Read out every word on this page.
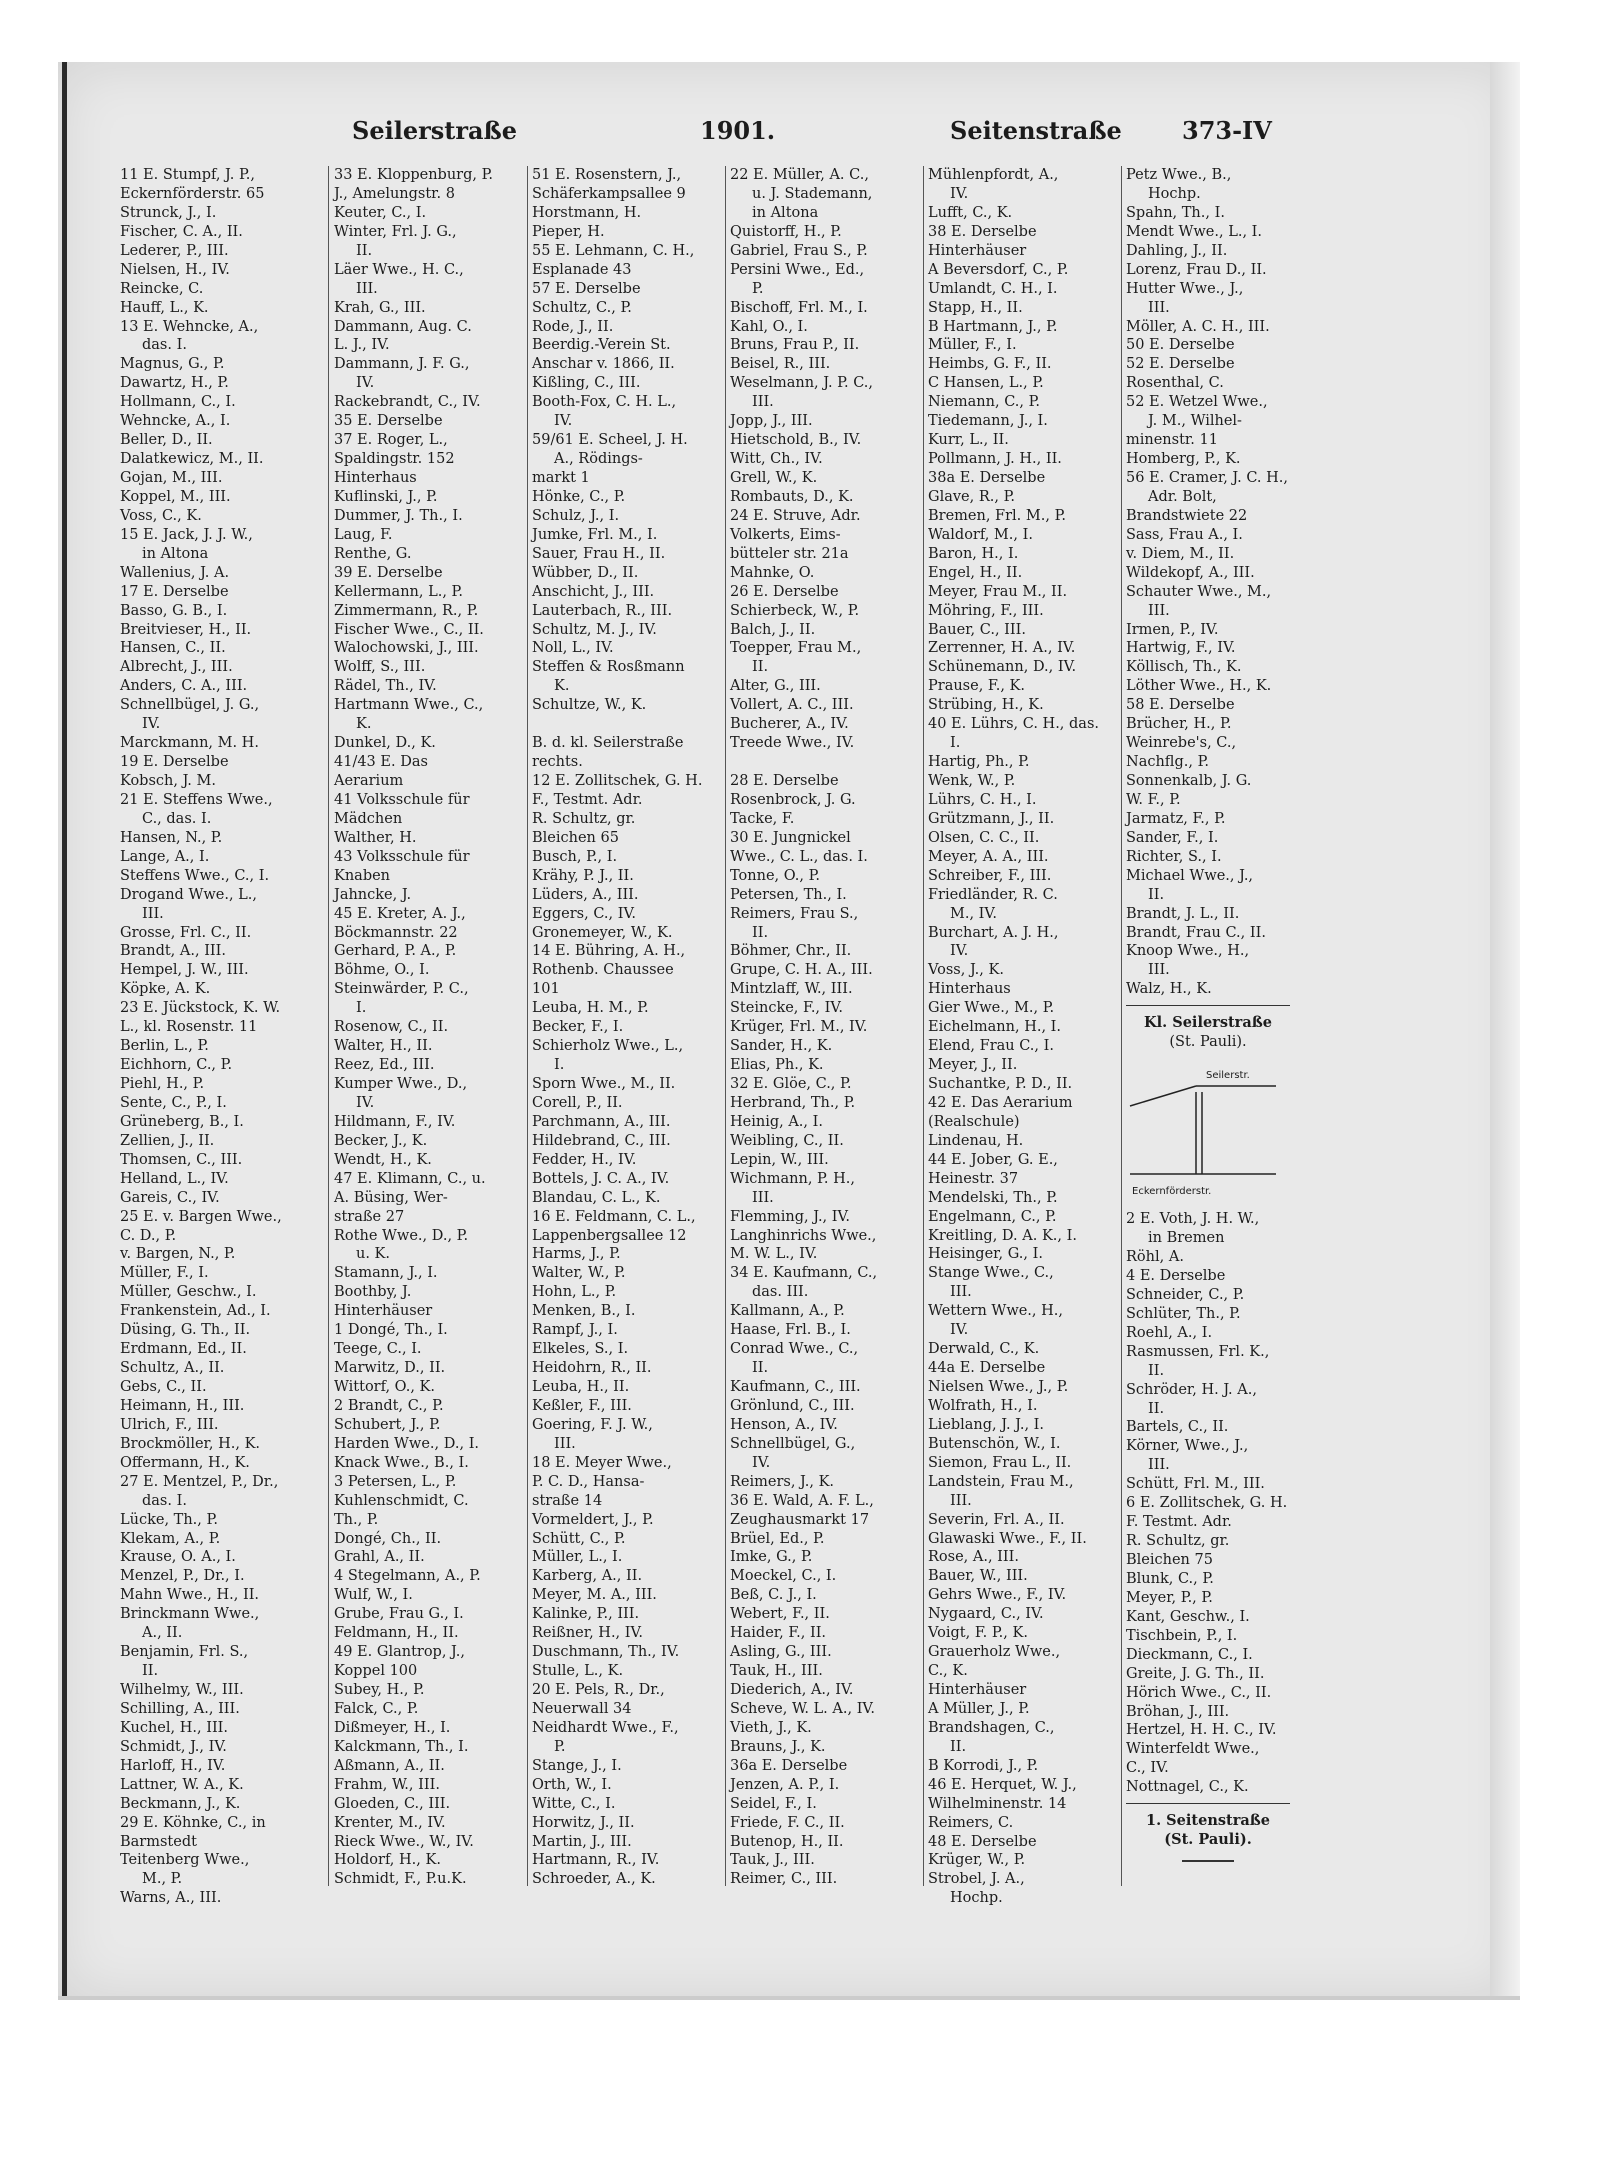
Seilerstraße	1901.	Seitenstraße	373-IV
11 E. Stumpf, J. P.,
Eckernförderstr. 65
Strunck, J., I.
Fischer, C. A., II.
Lederer, P., III.
Nielsen, H., IV.
Reincke, C.
Hauff, L., K.
13 E. Wehncke, A.,
das. I.
Magnus, G., P.
Dawartz, H., P.
Hollmann, C., I.
Wehncke, A., I.
Beller, D., II.
Dalatkewicz, M., II.
Gojan, M., III.
Koppel, M., III.
Voss, C., K.
15 E. Jack, J. J. W.,
in Altona
Wallenius, J. A.
17 E. Derselbe
Basso, G. B., I.
Breitvieser, H., II.
Hansen, C., II.
Albrecht, J., III.
Anders, C. A., III.
Schnellbügel, J. G.,
IV.
Marckmann, M. H.
19 E. Derselbe
Kobsch, J. M.
21 E. Steffens Wwe.,
C., das. I.
Hansen, N., P.
Lange, A., I.
Steffens Wwe., C., I.
Drogand Wwe., L.,
III.
Grosse, Frl. C., II.
Brandt, A., III.
Hempel, J. W., III.
Köpke, A. K.
23 E. Jückstock, K. W.
L., kl. Rosenstr. 11
Berlin, L., P.
Eichhorn, C., P.
Piehl, H., P.
Sente, C., P., I.
Grüneberg, B., I.
Zellien, J., II.
Thomsen, C., III.
Helland, L., IV.
Gareis, C., IV.
25 E. v. Bargen Wwe.,
C. D., P.
v. Bargen, N., P.
Müller, F., I.
Müller, Geschw., I.
Frankenstein, Ad., I.
Düsing, G. Th., II.
Erdmann, Ed., II.
Schultz, A., II.
Gebs, C., II.
Heimann, H., III.
Ulrich, F., III.
Brockmöller, H., K.
Offermann, H., K.
27 E. Mentzel, P., Dr.,
das. I.
Lücke, Th., P.
Klekam, A., P.
Krause, O. A., I.
Menzel, P., Dr., I.
Mahn Wwe., H., II.
Brinckmann Wwe.,
A., II.
Benjamin, Frl. S.,
II.
Wilhelmy, W., III.
Schilling, A., III.
Kuchel, H., III.
Schmidt, J., IV.
Harloff, H., IV.
Lattner, W. A., K.
Beckmann, J., K.
29 E. Köhnke, C., in
Barmstedt
Teitenberg Wwe.,
M., P.
Warns, A., III.
33 E. Kloppenburg, P.
J., Amelungstr. 8
Keuter, C., I.
Winter, Frl. J. G.,
II.
Läer Wwe., H. C.,
III.
Krah, G., III.
Dammann, Aug. C.
L. J., IV.
Dammann, J. F. G.,
IV.
Rackebrandt, C., IV.
35 E. Derselbe
37 E. Roger, L.,
Spaldingstr. 152
Hinterhaus
Kuflinski, J., P.
Dummer, J. Th., I.
Laug, F.
Renthe, G.
39 E. Derselbe
Kellermann, L., P.
Zimmermann, R., P.
Fischer Wwe., C., II.
Walochowski, J., III.
Wolff, S., III.
Rädel, Th., IV.
Hartmann Wwe., C.,
K.
Dunkel, D., K.
41/43 E. Das
Aerarium
41 Volksschule für
Mädchen
Walther, H.
43 Volksschule für
Knaben
Jahncke, J.
45 E. Kreter, A. J.,
Böckmannstr. 22
Gerhard, P. A., P.
Böhme, O., I.
Steinwärder, P. C.,
I.
Rosenow, C., II.
Walter, H., II.
Reez, Ed., III.
Kumper Wwe., D.,
IV.
Hildmann, F., IV.
Becker, J., K.
Wendt, H., K.
47 E. Klimann, C., u.
A. Büsing, Wer-
straße 27
Rothe Wwe., D., P.
u. K.
Stamann, J., I.
Boothby, J.
Hinterhäuser
1 Dongé, Th., I.
Teege, C., I.
Marwitz, D., II.
Wittorf, O., K.
2 Brandt, C., P.
Schubert, J., P.
Harden Wwe., D., I.
Knack Wwe., B., I.
3 Petersen, L., P.
Kuhlenschmidt, C.
Th., P.
Dongé, Ch., II.
Grahl, A., II.
4 Stegelmann, A., P.
Wulf, W., I.
Grube, Frau G., I.
Feldmann, H., II.
49 E. Glantrop, J.,
Koppel 100
Subey, H., P.
Falck, C., P.
Dißmeyer, H., I.
Kalckmann, Th., I.
Aßmann, A., II.
Frahm, W., III.
Gloeden, C., III.
Krenter, M., IV.
Rieck Wwe., W., IV.
Holdorf, H., K.
Schmidt, F., P.u.K.
51 E. Rosenstern, J.,
Schäferkampsallee 9
Horstmann, H.
Pieper, H.
55 E. Lehmann, C. H.,
Esplanade 43
57 E. Derselbe
Schultz, C., P.
Rode, J., II.
Beerdig.-Verein St.
Anschar v. 1866, II.
Kißling, C., III.
Booth-Fox, C. H. L.,
IV.
59/61 E. Scheel, J. H.
A., Rödings-
markt 1
Hönke, C., P.
Schulz, J., I.
Jumke, Frl. M., I.
Sauer, Frau H., II.
Wübber, D., II.
Anschicht, J., III.
Lauterbach, R., III.
Schultz, M. J., IV.
Noll, L., IV.
Steffen & Rosßmann
K.
Schultze, W., K.
B. d. kl. Seilerstraße
rechts.
12 E. Zollitschek, G. H.
F., Testmt. Adr.
R. Schultz, gr.
Bleichen 65
Busch, P., I.
Krähy, P. J., II.
Lüders, A., III.
Eggers, C., IV.
Gronemeyer, W., K.
14 E. Bühring, A. H.,
Rothenb. Chaussee
101
Leuba, H. M., P.
Becker, F., I.
Schierholz Wwe., L.,
I.
Sporn Wwe., M., II.
Corell, P., II.
Parchmann, A., III.
Hildebrand, C., III.
Fedder, H., IV.
Bottels, J. C. A., IV.
Blandau, C. L., K.
16 E. Feldmann, C. L.,
Lappenbergsallee 12
Harms, J., P.
Walter, W., P.
Hohn, L., P.
Menken, B., I.
Rampf, J., I.
Elkeles, S., I.
Heidohrn, R., II.
Leuba, H., II.
Keßler, F., III.
Goering, F. J. W.,
III.
18 E. Meyer Wwe.,
P. C. D., Hansa-
straße 14
Vormeldert, J., P.
Schütt, C., P.
Müller, L., I.
Karberg, A., II.
Meyer, M. A., III.
Kalinke, P., III.
Reißner, H., IV.
Duschmann, Th., IV.
Stulle, L., K.
20 E. Pels, R., Dr.,
Neuerwall 34
Neidhardt Wwe., F.,
P.
Stange, J., I.
Orth, W., I.
Witte, C., I.
Horwitz, J., II.
Martin, J., III.
Hartmann, R., IV.
Schroeder, A., K.
22 E. Müller, A. C.,
u. J. Stademann,
in Altona
Quistorff, H., P.
Gabriel, Frau S., P.
Persini Wwe., Ed.,
P.
Bischoff, Frl. M., I.
Kahl, O., I.
Bruns, Frau P., II.
Beisel, R., III.
Weselmann, J. P. C.,
III.
Jopp, J., III.
Hietschold, B., IV.
Witt, Ch., IV.
Grell, W., K.
Rombauts, D., K.
24 E. Struve, Adr.
Volkerts, Eims-
bütteler str. 21a
Mahnke, O.
26 E. Derselbe
Schierbeck, W., P.
Balch, J., II.
Toepper, Frau M.,
II.
Alter, G., III.
Vollert, A. C., III.
Bucherer, A., IV.
Treede Wwe., IV.
28 E. Derselbe
Rosenbrock, J. G.
Tacke, F.
30 E. Jungnickel
Wwe., C. L., das. I.
Tonne, O., P.
Petersen, Th., I.
Reimers, Frau S.,
II.
Böhmer, Chr., II.
Grupe, C. H. A., III.
Mintzlaff, W., III.
Steincke, F., IV.
Krüger, Frl. M., IV.
Sander, H., K.
Elias, Ph., K.
32 E. Glöe, C., P.
Herbrand, Th., P.
Heinig, A., I.
Weibling, C., II.
Lepin, W., III.
Wichmann, P. H.,
III.
Flemming, J., IV.
Langhinrichs Wwe.,
M. W. L., IV.
34 E. Kaufmann, C.,
das. III.
Kallmann, A., P.
Haase, Frl. B., I.
Conrad Wwe., C.,
II.
Kaufmann, C., III.
Grönlund, C., III.
Henson, A., IV.
Schnellbügel, G.,
IV.
Reimers, J., K.
36 E. Wald, A. F. L.,
Zeughausmarkt 17
Brüel, Ed., P.
Imke, G., P.
Moeckel, C., I.
Beß, C. J., I.
Webert, F., II.
Haider, F., II.
Asling, G., III.
Tauk, H., III.
Diederich, A., IV.
Scheve, W. L. A., IV.
Vieth, J., K.
Brauns, J., K.
36a E. Derselbe
Jenzen, A. P., I.
Seidel, F., I.
Friede, F. C., II.
Butenop, H., II.
Tauk, J., III.
Reimer, C., III.
Mühlenpfordt, A.,
IV.
Lufft, C., K.
38 E. Derselbe
Hinterhäuser
A Beversdorf, C., P.
Umlandt, C. H., I.
Stapp, H., II.
B Hartmann, J., P.
Müller, F., I.
Heimbs, G. F., II.
C Hansen, L., P.
Niemann, C., P.
Tiedemann, J., I.
Kurr, L., II.
Pollmann, J. H., II.
38a E. Derselbe
Glave, R., P.
Bremen, Frl. M., P.
Waldorf, M., I.
Baron, H., I.
Engel, H., II.
Meyer, Frau M., II.
Möhring, F., III.
Bauer, C., III.
Zerrenner, H. A., IV.
Schünemann, D., IV.
Prause, F., K.
Strübing, H., K.
40 E. Lührs, C. H., das.
I.
Hartig, Ph., P.
Wenk, W., P.
Lührs, C. H., I.
Grützmann, J., II.
Olsen, C. C., II.
Meyer, A. A., III.
Schreiber, F., III.
Friedländer, R. C.
M., IV.
Burchart, A. J. H.,
IV.
Voss, J., K.
Hinterhaus
Gier Wwe., M., P.
Eichelmann, H., I.
Elend, Frau C., I.
Meyer, J., II.
Suchantke, P. D., II.
42 E. Das Aerarium
(Realschule)
Lindenau, H.
44 E. Jober, G. E.,
Heinestr. 37
Mendelski, Th., P.
Engelmann, C., P.
Kreitling, D. A. K., I.
Heisinger, G., I.
Stange Wwe., C.,
III.
Wettern Wwe., H.,
IV.
Derwald, C., K.
44a E. Derselbe
Nielsen Wwe., J., P.
Wolfrath, H., I.
Lieblang, J. J., I.
Butenschön, W., I.
Siemon, Frau L., II.
Landstein, Frau M.,
III.
Severin, Frl. A., II.
Glawaski Wwe., F., II.
Rose, A., III.
Bauer, W., III.
Gehrs Wwe., F., IV.
Nygaard, C., IV.
Voigt, F. P., K.
Grauerholz Wwe.,
C., K.
Hinterhäuser
A Müller, J., P.
Brandshagen, C.,
II.
B Korrodi, J., P.
46 E. Herquet, W. J.,
Wilhelminenstr. 14
Reimers, C.
48 E. Derselbe
Krüger, W., P.
Strobel, J. A.,
Hochp.
Petz Wwe., B.,
Hochp.
Spahn, Th., I.
Mendt Wwe., L., I.
Dahling, J., II.
Lorenz, Frau D., II.
Hutter Wwe., J.,
III.
Möller, A. C. H., III.
50 E. Derselbe
52 E. Derselbe
Rosenthal, C.
52 E. Wetzel Wwe.,
J. M., Wilhel-
minenstr. 11
Homberg, P., K.
56 E. Cramer, J. C. H.,
Adr. Bolt,
Brandstwiete 22
Sass, Frau A., I.
v. Diem, M., II.
Wildekopf, A., III.
Schauter Wwe., M.,
III.
Irmen, P., IV.
Hartwig, F., IV.
Köllisch, Th., K.
Löther Wwe., H., K.
58 E. Derselbe
Brücher, H., P.
Weinrebe's, C.,
Nachflg., P.
Sonnenkalb, J. G.
W. F., P.
Jarmatz, F., P.
Sander, F., I.
Richter, S., I.
Michael Wwe., J.,
II.
Brandt, J. L., II.
Brandt, Frau C., II.
Knoop Wwe., H.,
III.
Walz, H., K.
Kl. Seilerstraße
(St. Pauli).
Seilerstr.
Eckernförderstr.
2 E. Voth, J. H. W.,
in Bremen
Röhl, A.
4 E. Derselbe
Schneider, C., P.
Schlüter, Th., P.
Roehl, A., I.
Rasmussen, Frl. K.,
II.
Schröder, H. J. A.,
II.
Bartels, C., II.
Körner, Wwe., J.,
III.
Schütt, Frl. M., III.
6 E. Zollitschek, G. H.
F. Testmt. Adr.
R. Schultz, gr.
Bleichen 75
Blunk, C., P.
Meyer, P., P.
Kant, Geschw., I.
Tischbein, P., I.
Dieckmann, C., I.
Greite, J. G. Th., II.
Hörich Wwe., C., II.
Bröhan, J., III.
Hertzel, H. H. C., IV.
Winterfeldt Wwe.,
C., IV.
Nottnagel, C., K.
1. Seitenstraße
(St. Pauli).
